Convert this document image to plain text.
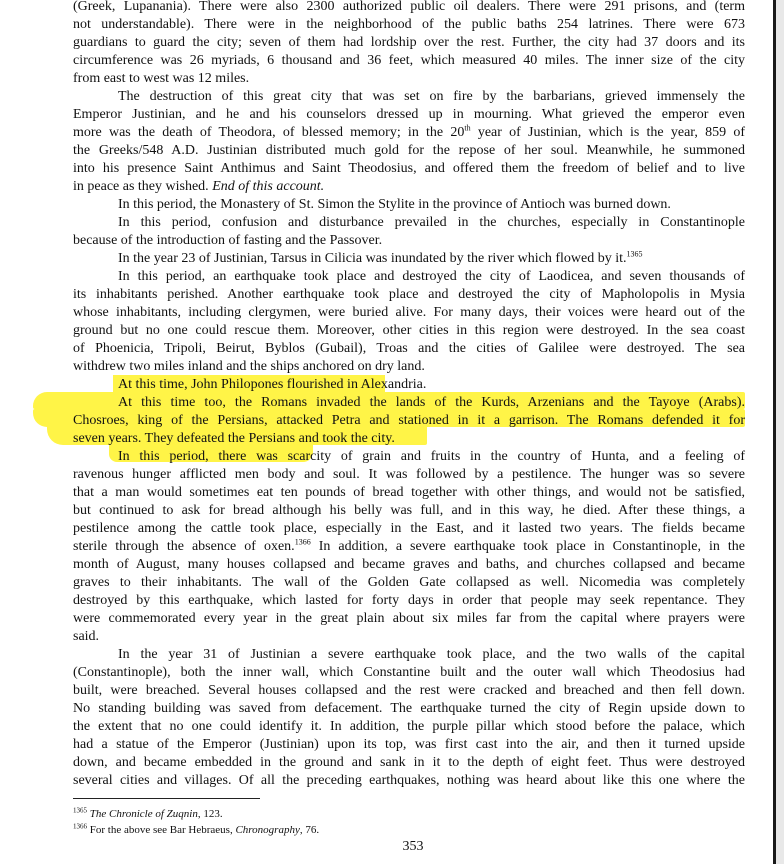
(Greek, Lupanania). There were also 2300 authorized public oil dealers. There were 291 prisons, and (term
not understandable). There were in the neighborhood of the public baths 254 latrines. There were 673
guardians to guard the city; seven of them had lordship over the rest. Further, the city had 37 doors and its
circumference was 26 myriads, 6 thousand and 36 feet, which measured 40 miles. The inner size of the city
from east to west was 12 miles.
The destruction of this great city that was set on fire by the barbarians, grieved immensely the
Emperor Justinian, and he and his counselors dressed up in mourning. What grieved the emperor even
more was the death of Theodora, of blessed memory; in the 20th year of Justinian, which is the year, 859 of
the Greeks/548 A.D. Justinian distributed much gold for the repose of her soul. Meanwhile, he summoned
into his presence Saint Anthimus and Saint Theodosius, and offered them the freedom of belief and to live
in peace as they wished. End of this account.
In this period, the Monastery of St. Simon the Stylite in the province of Antioch was burned down.
In this period, confusion and disturbance prevailed in the churches, especially in Constantinople
because of the introduction of fasting and the Passover.
In the year 23 of Justinian, Tarsus in Cilicia was inundated by the river which flowed by it.$^{1365}$
In this period, an earthquake took place and destroyed the city of Laodicea, and seven thousands of
its inhabitants perished. Another earthquake took place and destroyed the city of Mapholopolis in Mysia
whose inhabitants, including clergymen, were buried alive. For many days, their voices were heard out of the
ground but no one could rescue them. Moreover, other cities in this region were destroyed. In the sea coast
of Phoenicia, Tripoli, Beirut, Byblos (Gubail), Troas and the cities of Galilee were destroyed. The sea
withdrew two miles inland and the ships anchored on dry land.
At this time, John Philopones flourished in Alexandria.
At this time too, the Romans invaded the lands of the Kurds, Arzenians and the Tayoye (Arabs).
Chosroes, king of the Persians, attacked Petra and stationed in it a garrison. The Romans defended it for
seven years. They defeated the Persians and took the city.
In this period, there was scarcity of grain and fruits in the country of Hunta, and a feeling of
ravenous hunger afflicted men body and soul. It was followed by a pestilence. The hunger was so severe
that a man would sometimes eat ten pounds of bread together with other things, and would not be satisfied,
but continued to ask for bread although his belly was full, and in this way, he died. After these things, a
pestilence among the cattle took place, especially in the East, and it lasted two years. The fields became
sterile through the absence of oxen.$^{1366}$ In addition, a severe earthquake took place in Constantinople, in the
month of August, many houses collapsed and became graves and baths, and churches collapsed and became
graves to their inhabitants. The wall of the Golden Gate collapsed as well. Nicomedia was completely
destroyed by this earthquake, which lasted for forty days in order that people may seek repentance. They
were commemorated every year in the great plain about six miles far from the capital where prayers were
said.
In the year 31 of Justinian a severe earthquake took place, and the two walls of the capital
(Constantinople), both the inner wall, which Constantine built and the outer wall which Theodosius had
built, were breached. Several houses collapsed and the rest were cracked and breached and then fell down.
No standing building was saved from defacement. The earthquake turned the city of Regin upside down to
the extent that no one could identify it. In addition, the purple pillar which stood before the palace, which
had a statue of the Emperor (Justinian) upon its top, was first cast into the air, and then it turned upside
down, and became embedded in the ground and sank in it to the depth of eight feet. Thus were destroyed
several cities and villages. Of all the preceding earthquakes, nothing was heard about like this one where the
$^{1365}$ The Chronicle of Zuqnin, 123.
$^{1366}$ For the above see Bar Hebraeus, Chronography, 76.
353
